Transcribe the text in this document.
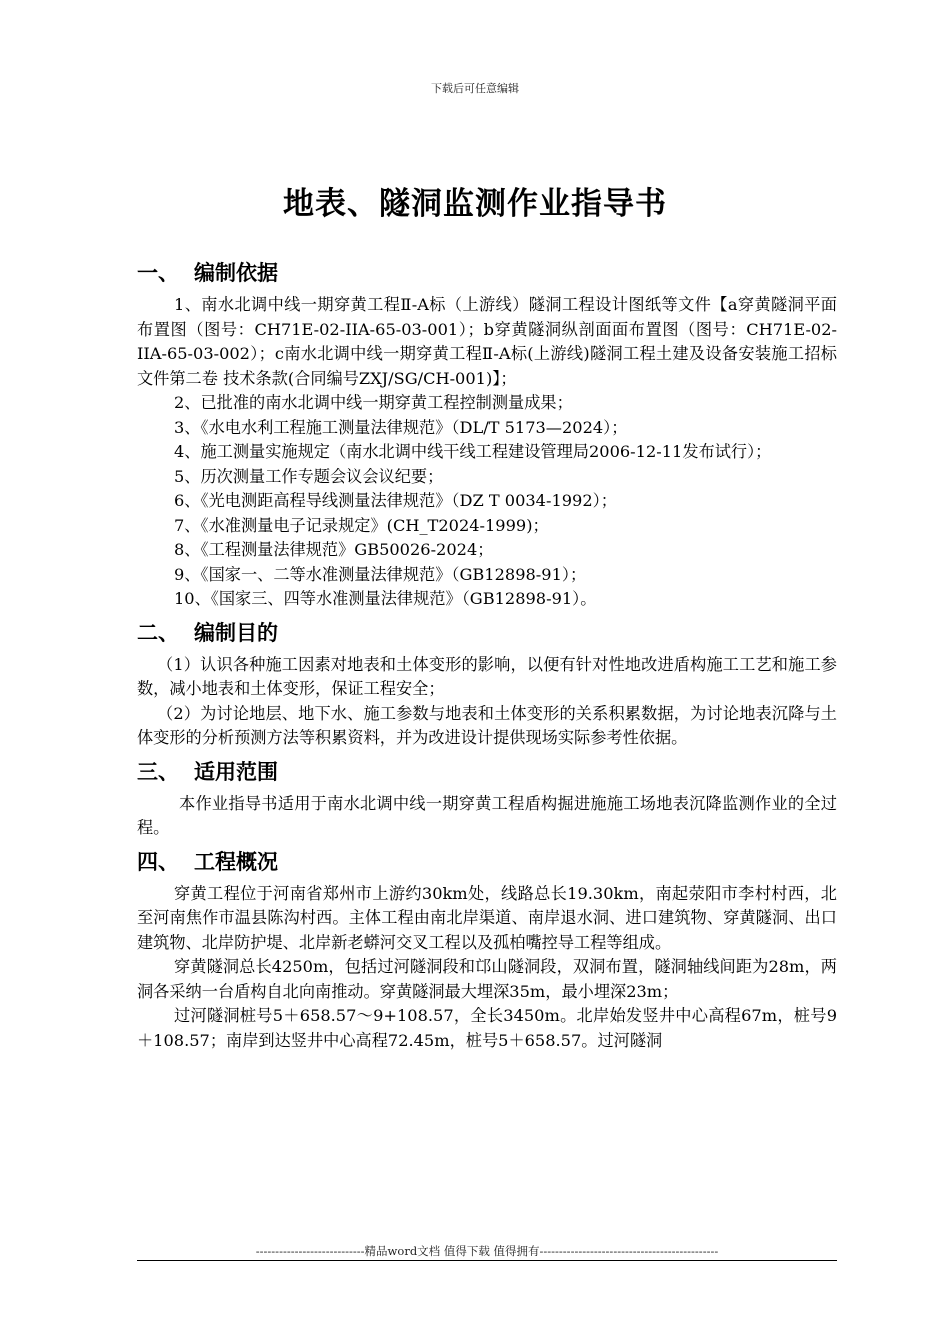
下载后可任意编辑
地表、隧洞监测作业指导书
一、 编制依据

1、南水北调中线一期穿黄工程Ⅱ-A标（上游线）隧洞工程设计图纸等文件【a穿黄隧洞平面布置图（图号：CH71E-02-IIA-65-03-001）；b穿黄隧洞纵剖面面布置图（图号：CH71E-02-IIA-65-03-002）；c南水北调中线一期穿黄工程Ⅱ-A标(上游线)隧洞工程土建及设备安装施工招标文件第二卷 技术条款(合同编号ZXJ/SG/CH-001)】；

2、已批准的南水北调中线一期穿黄工程控制测量成果；

3、《水电水利工程施工测量法律规范》（DL/T 5173—2024）；

4、施工测量实施规定（南水北调中线干线工程建设管理局2006-12-11发布试行）；

5、历次测量工作专题会议会议纪要；

6、《光电测距高程导线测量法律规范》（DZ T 0034-1992）；

7、《水准测量电子记录规定》(CH_T2024-1999)；

8、《工程测量法律规范》GB50026-2024；

9、《国家一、二等水准测量法律规范》（GB12898-91）；

10、《国家三、四等水准测量法律规范》（GB12898-91）。

二、 编制目的

（1）认识各种施工因素对地表和土体变形的影响，以便有针对性地改进盾构施工工艺和施工参数，减小地表和土体变形，保证工程安全；

（2）为讨论地层、地下水、施工参数与地表和土体变形的关系积累数据，为讨论地表沉降与土体变形的分析预测方法等积累资料，并为改进设计提供现场实际参考性依据。

三、 适用范围

本作业指导书适用于南水北调中线一期穿黄工程盾构掘进施施工场地表沉降监测作业的全过程。

四、 工程概况

穿黄工程位于河南省郑州市上游约30km处，线路总长19.30km，南起荥阳市李村村西，北至河南焦作市温县陈沟村西。主体工程由南北岸渠道、南岸退水洞、进口建筑物、穿黄隧洞、出口建筑物、北岸防护堤、北岸新老蟒河交叉工程以及孤柏嘴控导工程等组成。

穿黄隧洞总长4250m，包括过河隧洞段和邙山隧洞段，双洞布置，隧洞轴线间距为28m，两洞各采纳一台盾构自北向南推动。穿黄隧洞最大埋深35m，最小埋深23m；

过河隧洞桩号5＋658.57～9+108.57，全长3450m。北岸始发竖井中心高程67m，桩号9＋108.57；南岸到达竖井中心高程72.45m，桩号5＋658.57。过河隧洞

----------------------------精品word文档 值得下载 值得拥有----------------------------------------------
